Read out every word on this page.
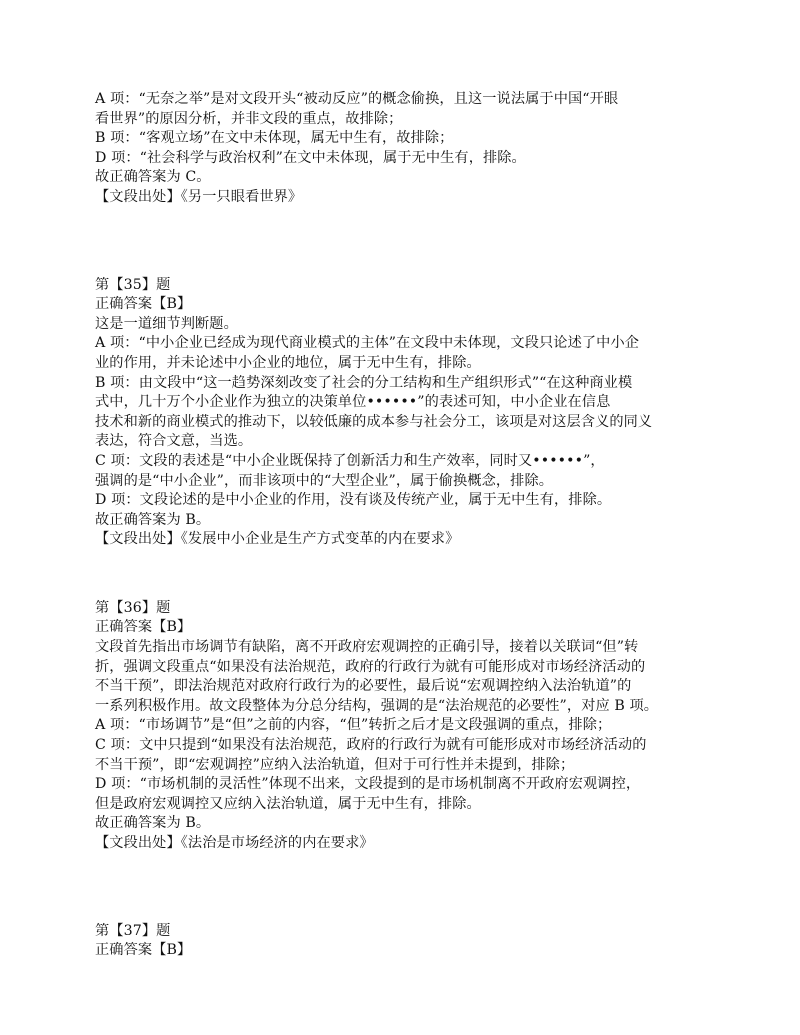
A 项：“无奈之举”是对文段开头“被动反应”的概念偷换，且这一说法属于中国“开眼
看世界”的原因分析，并非文段的重点，故排除；
B 项：“客观立场”在文中未体现，属无中生有，故排除；
D 项：“社会科学与政治权利”在文中未体现，属于无中生有，排除。
故正确答案为 C。
【文段出处】《另一只眼看世界》
第【35】题
正确答案【B】
这是一道细节判断题。
A 项：“中小企业已经成为现代商业模式的主体”在文段中未体现，文段只论述了中小企
业的作用，并未论述中小企业的地位，属于无中生有，排除。
B 项：由文段中“这一趋势深刻改变了社会的分工结构和生产组织形式”“在这种商业模
式中，几十万个小企业作为独立的决策单位••••••”的表述可知，中小企业在信息
技术和新的商业模式的推动下，以较低廉的成本参与社会分工，该项是对这层含义的同义
表达，符合文意，当选。
C 项：文段的表述是“中小企业既保持了创新活力和生产效率，同时又••••••”，
强调的是“中小企业”，而非该项中的“大型企业”，属于偷换概念，排除。
D 项：文段论述的是中小企业的作用，没有谈及传统产业，属于无中生有，排除。
故正确答案为 B。
【文段出处】《发展中小企业是生产方式变革的内在要求》
第【36】题
正确答案【B】
文段首先指出市场调节有缺陷，离不开政府宏观调控的正确引导，接着以关联词“但”转
折，强调文段重点“如果没有法治规范，政府的行政行为就有可能形成对市场经济活动的
不当干预”，即法治规范对政府行政行为的必要性，最后说“宏观调控纳入法治轨道”的
一系列积极作用。故文段整体为分总分结构，强调的是“法治规范的必要性”，对应 B 项。
A 项：“市场调节”是“但”之前的内容，“但”转折之后才是文段强调的重点，排除；
C 项：文中只提到“如果没有法治规范，政府的行政行为就有可能形成对市场经济活动的
不当干预”，即“宏观调控”应纳入法治轨道，但对于可行性并未提到，排除；
D 项：“市场机制的灵活性”体现不出来，文段提到的是市场机制离不开政府宏观调控，
但是政府宏观调控又应纳入法治轨道，属于无中生有，排除。
故正确答案为 B。
【文段出处】《法治是市场经济的内在要求》
第【37】题
正确答案【B】
